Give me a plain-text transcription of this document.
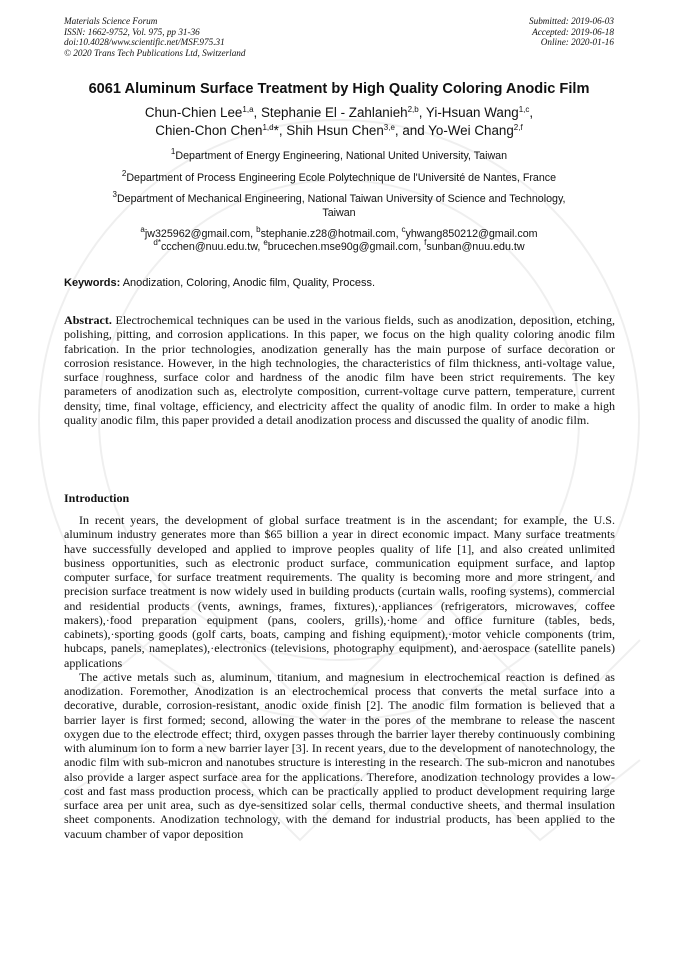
Materials Science Forum
ISSN: 1662-9752, Vol. 975, pp 31-36
doi:10.4028/www.scientific.net/MSF.975.31
© 2020 Trans Tech Publications Ltd, Switzerland
Submitted: 2019-06-03
Accepted: 2019-06-18
Online: 2020-01-16
6061 Aluminum Surface Treatment by High Quality Coloring Anodic Film
Chun-Chien Lee$^{1,a}$, Stephanie El - Zahlanieh$^{2,b}$, Yi-Hsuan Wang$^{1,c}$,
Chien-Chon Chen$^{1,d}$*, Shih Hsun Chen$^{3,e}$, and Yo-Wei Chang$^{2,f}$
$^1$Department of Energy Engineering, National United University, Taiwan
$^2$Department of Process Engineering Ecole Polytechnique de l'Université de Nantes, France
$^3$Department of Mechanical Engineering, National Taiwan University of Science and Technology,
Taiwan
$^a$jw325962@gmail.com, $^b$stephanie.z28@hotmail.com, $^c$yhwang850212@gmail.com
$^{d*}$ccchen@nuu.edu.tw, $^e$brucechen.mse90g@gmail.com, $^f$sunban@nuu.edu.tw
Keywords: Anodization, Coloring, Anodic film, Quality, Process.
Abstract. Electrochemical techniques can be used in the various fields, such as anodization, deposition, etching, polishing, pitting, and corrosion applications. In this paper, we focus on the high quality coloring anodic film fabrication. In the prior technologies, anodization generally has the main purpose of surface decoration or corrosion resistance. However, in the high technologies, the characteristics of film thickness, anti-voltage value, surface roughness, surface color and hardness of the anodic film have been strict requirements. The key parameters of anodization such as, electrolyte composition, current-voltage curve pattern, temperature, current density, time, final voltage, efficiency, and electricity affect the quality of anodic film. In order to make a high quality anodic film, this paper provided a detail anodization process and discussed the quality of anodic film.
Introduction

In recent years, the development of global surface treatment is in the ascendant; for example, the U.S. aluminum industry generates more than $65 billion a year in direct economic impact. Many surface treatments have successfully developed and applied to improve peoples quality of life [1], and also created unlimited business opportunities, such as electronic product surface, communication equipment surface, and laptop computer surface, for surface treatment requirements. The quality is becoming more and more stringent, and precision surface treatment is now widely used in building products (curtain walls, roofing systems), commercial and residential products (vents, awnings, frames, fixtures),·appliances (refrigerators, microwaves, coffee makers),·food preparation equipment (pans, coolers, grills),·home and office furniture (tables, beds, cabinets),·sporting goods (golf carts, boats, camping and fishing equipment),·motor vehicle components (trim, hubcaps, panels, nameplates),·electronics (televisions, photography equipment), and·aerospace (satellite panels) applications

The active metals such as, aluminum, titanium, and magnesium in electrochemical reaction is defined as anodization. Foremother, Anodization is an electrochemical process that converts the metal surface into a decorative, durable, corrosion-resistant, anodic oxide finish [2]. The anodic film formation is believed that a barrier layer is first formed; second, allowing the water in the pores of the membrane to release the nascent oxygen due to the electrode effect; third, oxygen passes through the barrier layer thereby continuously combining with aluminum ion to form a new barrier layer [3]. In recent years, due to the development of nanotechnology, the anodic film with sub-micron and nanotubes structure is interesting in the research. The sub-micron and nanotubes also provide a larger aspect surface area for the applications. Therefore, anodization technology provides a low-cost and fast mass production process, which can be practically applied to product development requiring large surface area per unit area, such as dye-sensitized solar cells, thermal conductive sheets, and thermal insulation sheet components. Anodization technology, with the demand for industrial products, has been applied to the vacuum chamber of vapor deposition
